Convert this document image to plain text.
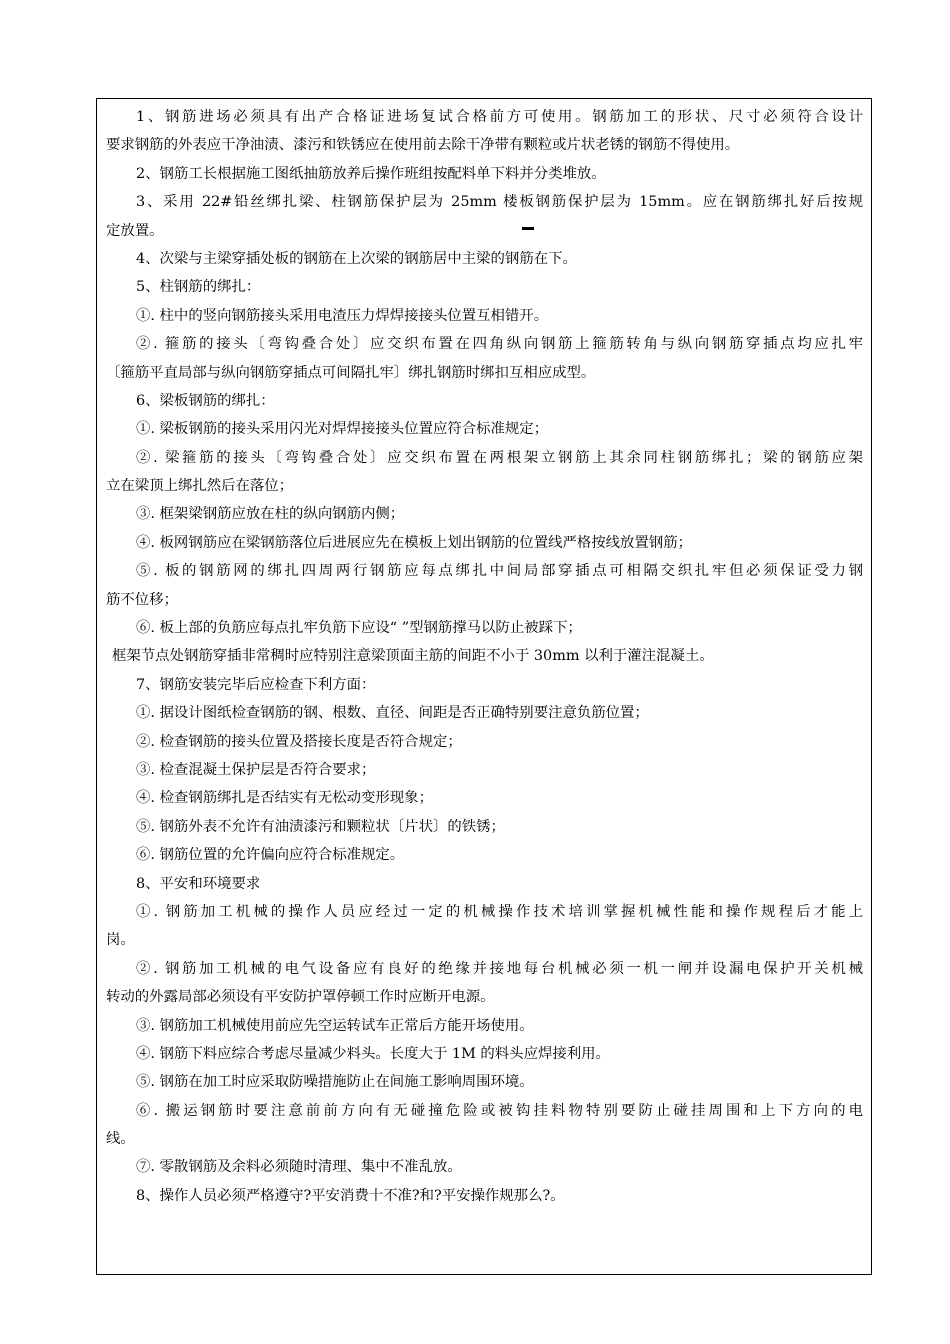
1、钢筋进场必须具有出产合格证进场复试合格前方可使用。钢筋加工的形状、尺寸必须符合设计
要求钢筋的外表应干净油渍、漆污和铁锈应在使用前去除干净带有颗粒或片状老锈的钢筋不得使用。
2、钢筋工长根据施工图纸抽筋放养后操作班组按配料单下料并分类堆放。
3、采用 22#铅丝绑扎梁、柱钢筋保护层为 25mm 楼板钢筋保护层为 15mm。应在钢筋绑扎好后按规
定放置。
4、次梁与主梁穿插处板的钢筋在上次梁的钢筋居中主梁的钢筋在下。
5、柱钢筋的绑扎：
①. 柱中的竖向钢筋接头采用电渣压力焊焊接接头位置互相错开。
②. 箍筋的接头〔弯钩叠合处〕应交织布置在四角纵向钢筋上箍筋转角与纵向钢筋穿插点均应扎牢
〔箍筋平直局部与纵向钢筋穿插点可间隔扎牢〕绑扎钢筋时绑扣互相应成型。
6、梁板钢筋的绑扎：
①. 梁板钢筋的接头采用闪光对焊焊接接头位置应符合标准规定；
②. 梁箍筋的接头〔弯钩叠合处〕应交织布置在两根架立钢筋上其余同柱钢筋绑扎；梁的钢筋应架
立在梁顶上绑扎然后在落位；
③. 框架梁钢筋应放在柱的纵向钢筋内侧；
④. 板网钢筋应在梁钢筋落位后进展应先在模板上划出钢筋的位置线严格按线放置钢筋；
⑤. 板的钢筋网的绑扎四周两行钢筋应每点绑扎中间局部穿插点可相隔交织扎牢但必须保证受力钢
筋不位移；
⑥. 板上部的负筋应每点扎牢负筋下应设“ ”型钢筋撑马以防止被踩下；
框架节点处钢筋穿插非常稠时应特别注意梁顶面主筋的间距不小于 30mm 以利于灌注混凝土。
7、钢筋安装完毕后应检查下利方面：
①. 据设计图纸检查钢筋的钢、根数、直径、间距是否正确特别要注意负筋位置；
②. 检查钢筋的接头位置及搭接长度是否符合规定；
③. 检查混凝土保护层是否符合要求；
④. 检查钢筋绑扎是否结实有无松动变形现象；
⑤. 钢筋外表不允许有油渍漆污和颗粒状〔片状〕的铁锈；
⑥. 钢筋位置的允许偏向应符合标准规定。
8、平安和环境要求
①. 钢筋加工机械的操作人员应经过一定的机械操作技术培训掌握机械性能和操作规程后才能上
岗。
②. 钢筋加工机械的电气设备应有良好的绝缘并接地每台机械必须一机一闸并设漏电保护开关机械
转动的外露局部必须设有平安防护罩停顿工作时应断开电源。
③. 钢筋加工机械使用前应先空运转试车正常后方能开场使用。
④. 钢筋下料应综合考虑尽量减少料头。长度大于 1M 的料头应焊接利用。
⑤. 钢筋在加工时应采取防噪措施防止在间施工影响周围环境。
⑥. 搬运钢筋时要注意前前方向有无碰撞危险或被钩挂料物特别要防止碰挂周围和上下方向的电
线。
⑦. 零散钢筋及余料必须随时清理、集中不准乱放。
8、操作人员必须严格遵守?平安消费十不准?和?平安操作规那么?。
